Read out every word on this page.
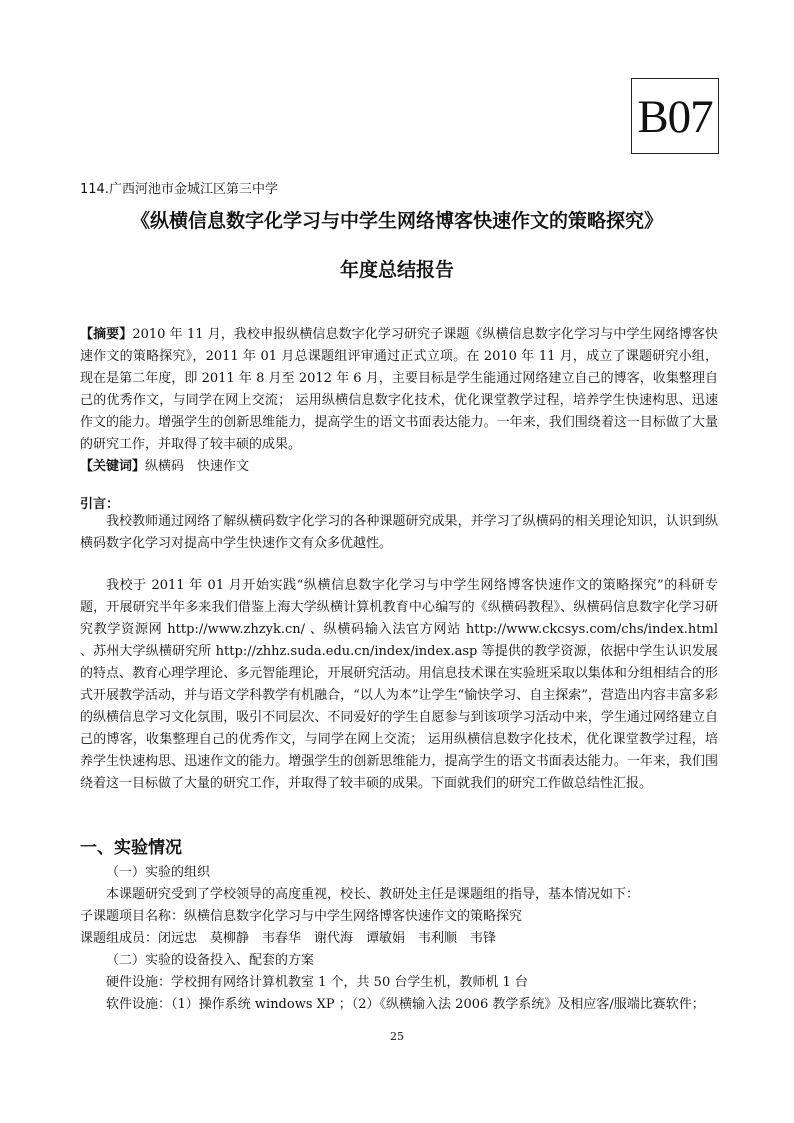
B07
114.广西河池市金城江区第三中学
《纵横信息数字化学习与中学生网络博客快速作文的策略探究》
年度总结报告
【摘要】2010 年 11 月，我校申报纵横信息数字化学习研究子课题《纵横信息数字化学习与中学生网络博客快速作文的策略探究》，2011 年 01 月总课题组评审通过正式立项。在 2010 年 11 月，成立了课题研究小组，现在是第二年度，即 2011 年 8 月至 2012 年 6 月，主要目标是学生能通过网络建立自己的博客，收集整理自己的优秀作文，与同学在网上交流； 运用纵横信息数字化技术，优化课堂教学过程，培养学生快速构思、迅速作文的能力。增强学生的创新思维能力，提高学生的语文书面表达能力。一年来，我们围绕着这一目标做了大量的研究工作，并取得了较丰硕的成果。
【关键词】纵横码　快速作文
引言：
我校教师通过网络了解纵横码数字化学习的各种课题研究成果，并学习了纵横码的相关理论知识，认识到纵横码数字化学习对提高中学生快速作文有众多优越性。
我校于 2011 年 01 月开始实践“纵横信息数字化学习与中学生网络博客快速作文的策略探究”的科研专题，开展研究半年多来我们借鉴上海大学纵横计算机教育中心编写的《纵横码教程》、纵横码信息数字化学习研究教学资源网 http://www.zhzyk.cn/ 、纵横码输入法官方网站 http://www.ckcsys.com/chs/index.html 、苏州大学纵横研究所 http://zhhz.suda.edu.cn/index/index.asp 等提供的教学资源，依据中学生认识发展的特点、教育心理学理论、多元智能理论，开展研究活动。用信息技术课在实验班采取以集体和分组相结合的形式开展教学活动，并与语文学科教学有机融合，“以人为本”让学生“愉快学习、自主探索”，营造出内容丰富多彩的纵横信息学习文化氛围，吸引不同层次、不同爱好的学生自愿参与到该项学习活动中来，学生通过网络建立自己的博客，收集整理自己的优秀作文，与同学在网上交流； 运用纵横信息数字化技术，优化课堂教学过程，培养学生快速构思、迅速作文的能力。增强学生的创新思维能力，提高学生的语文书面表达能力。一年来，我们围绕着这一目标做了大量的研究工作，并取得了较丰硕的成果。下面就我们的研究工作做总结性汇报。
一、实验情况
（一）实验的组织
本课题研究受到了学校领导的高度重视，校长、教研处主任是课题组的指导，基本情况如下：
子课题项目名称：纵横信息数字化学习与中学生网络博客快速作文的策略探究
课题组成员：闭远忠　莫柳静　韦春华　谢代海　谭敏娟　韦利顺　韦锋
（二）实验的设备投入、配套的方案
硬件设施：学校拥有网络计算机教室 1 个，共 50 台学生机，教师机 1 台
软件设施：（1）操作系统 windows XP ；（2）《纵横输入法 2006 教学系统》及相应客/服端比赛软件；
25
